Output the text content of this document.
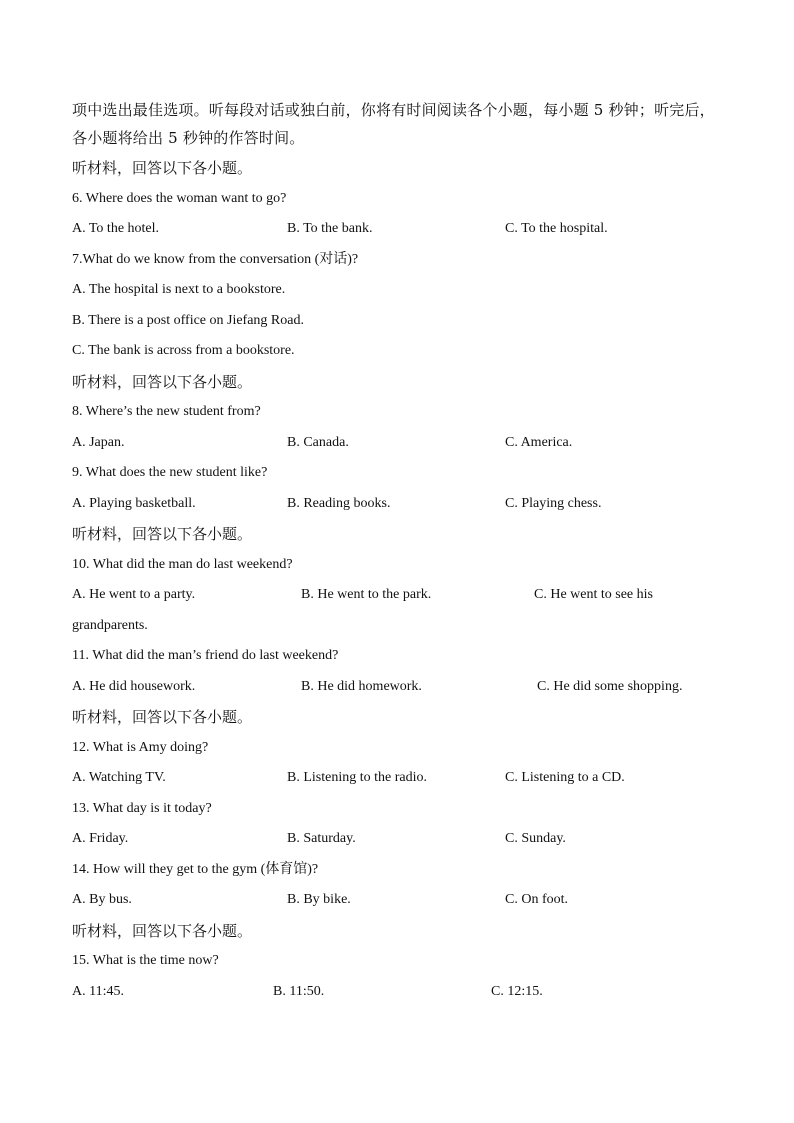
项中选出最佳选项。听每段对话或独白前，你将有时间阅读各个小题，每小题 5 秒钟；听完后，
各小题将给出 5 秒钟的作答时间。
听材料，回答以下各小题。
6. Where does the woman want to go?
A. To the hotel.	B. To the bank.	C. To the hospital.
7.What do we know from the conversation (对话)?
A. The hospital is next to a bookstore.
B. There is a post office on Jiefang Road.
C. The bank is across from a bookstore.
听材料，回答以下各小题。
8. Where’s the new student from?
A. Japan.	B. Canada.	C. America.
9. What does the new student like?
A. Playing basketball.	B. Reading books.	C. Playing chess.
听材料，回答以下各小题。
10. What did the man do last weekend?
A. He went to a party.	B. He went to the park.	C. He went to see his
grandparents.
11. What did the man’s friend do last weekend?
A. He did housework.	B. He did homework.	C. He did some shopping.
听材料，回答以下各小题。
12. What is Amy doing?
A. Watching TV.	B. Listening to the radio.	C. Listening to a CD.
13. What day is it today?
A. Friday.	B. Saturday.	C. Sunday.
14. How will they get to the gym (体育馆)?
A. By bus.	B. By bike.	C. On foot.
听材料，回答以下各小题。
15. What is the time now?
A. 11:45.	B. 11:50.	C. 12:15.
